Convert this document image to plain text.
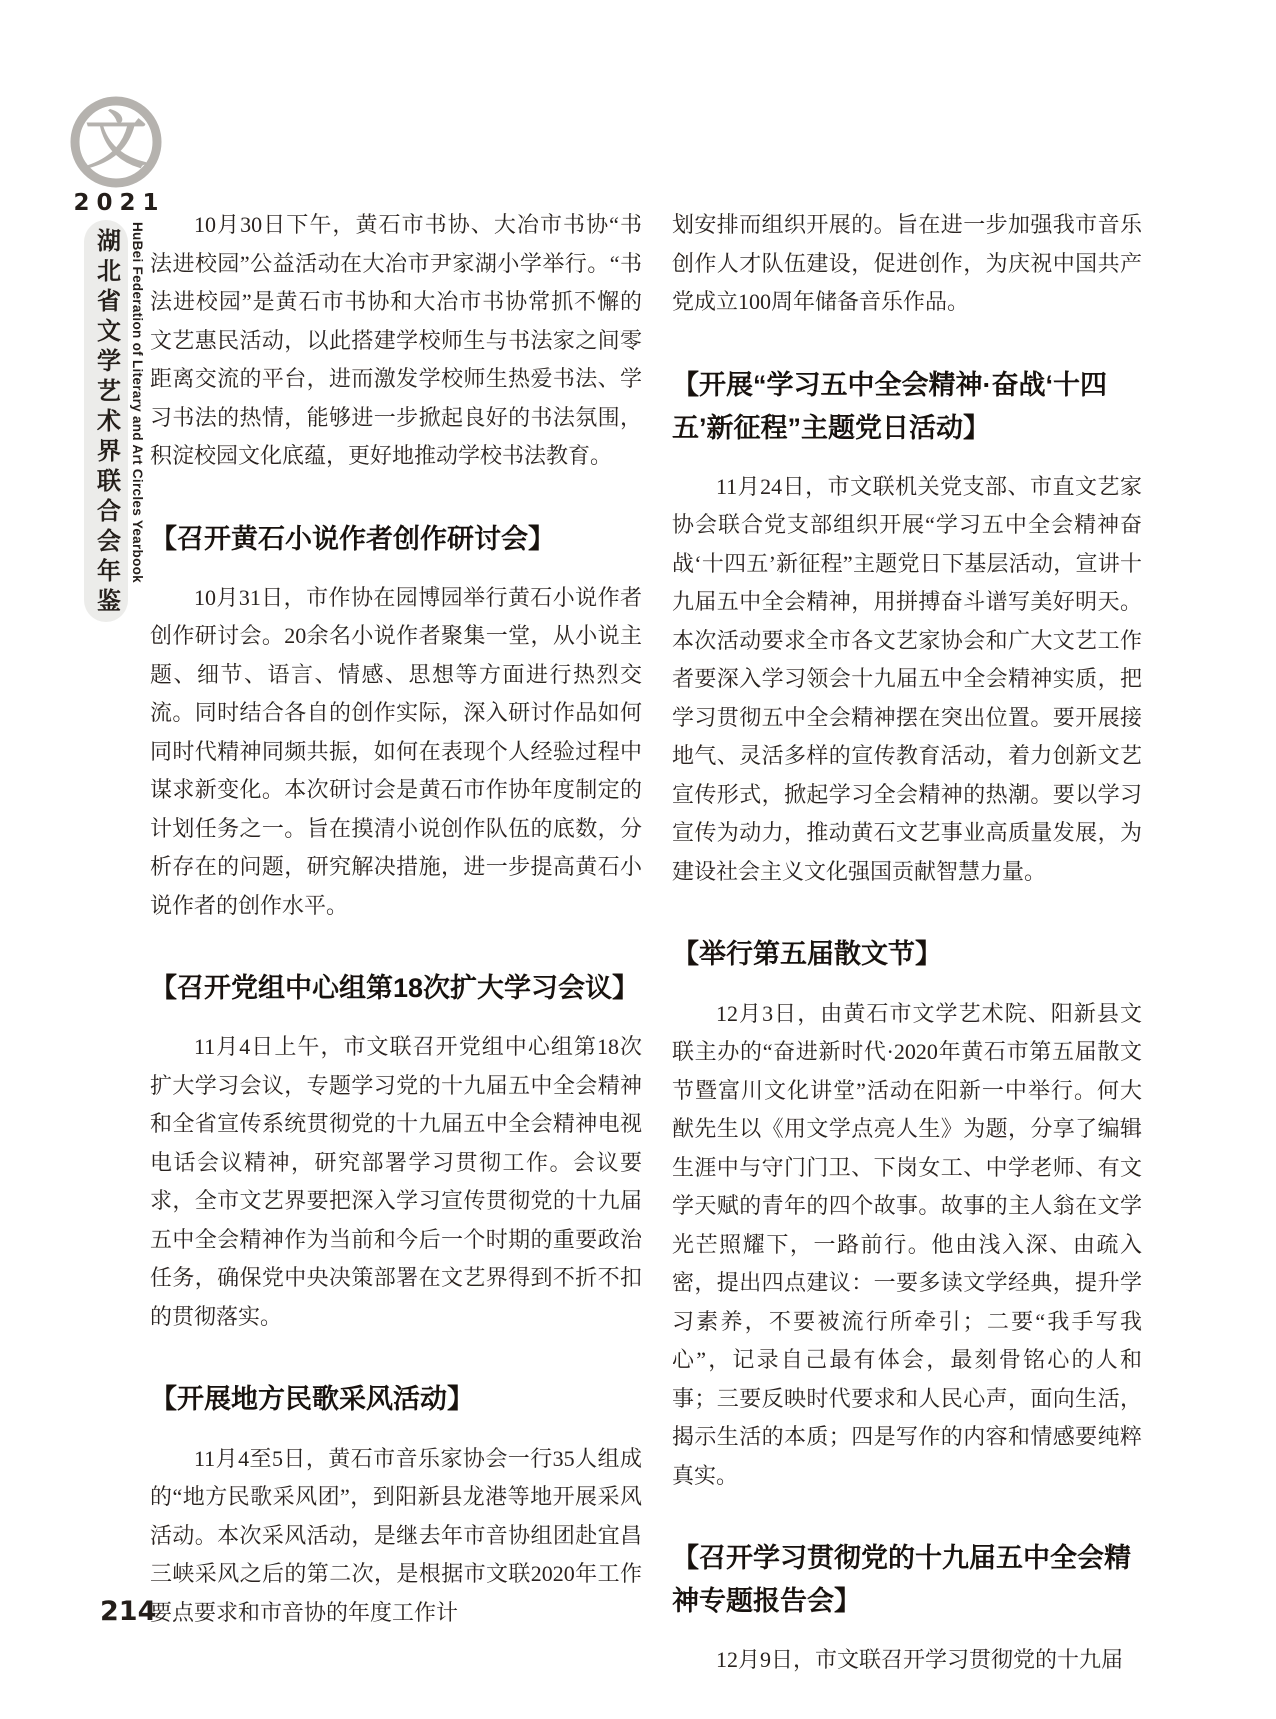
文
2021
湖北省文学艺术界联合会年鉴 HuBei Federation of Literary and Art Circles Yearbook	10月30日下午，黄石市书协、大冶市书协“书法进校园”公益活动在大冶市尹家湖小学举行。“书法进校园”是黄石市书协和大冶市书协常抓不懈的文艺惠民活动，以此搭建学校师生与书法家之间零距离交流的平台，进而激发学校师生热爱书法、学习书法的热情，能够进一步掀起良好的书法氛围，积淀校园文化底蕴，更好地推动学校书法教育。

【召开黄石小说作者创作研讨会】

10月31日，市作协在园博园举行黄石小说作者创作研讨会。20余名小说作者聚集一堂，从小说主题、细节、语言、情感、思想等方面进行热烈交流。同时结合各自的创作实际，深入研讨作品如何同时代精神同频共振，如何在表现个人经验过程中谋求新变化。本次研讨会是黄石市作协年度制定的计划任务之一。旨在摸清小说创作队伍的底数，分析存在的问题，研究解决措施，进一步提高黄石小说作者的创作水平。

【召开党组中心组第18次扩大学习会议】

11月4日上午，市文联召开党组中心组第18次扩大学习会议，专题学习党的十九届五中全会精神和全省宣传系统贯彻党的十九届五中全会精神电视电话会议精神，研究部署学习贯彻工作。会议要求，全市文艺界要把深入学习宣传贯彻党的十九届五中全会精神作为当前和今后一个时期的重要政治任务，确保党中央决策部署在文艺界得到不折不扣的贯彻落实。

【开展地方民歌采风活动】

11月4至5日，黄石市音乐家协会一行35人组成的“地方民歌采风团”，到阳新县龙港等地开展采风活动。本次采风活动，是继去年市音协组团赴宜昌三峡采风之后的第二次，是根据市文联2020年工作要点要求和市音协的年度工作计

划安排而组织开展的。旨在进一步加强我市音乐创作人才队伍建设，促进创作，为庆祝中国共产党成立100周年储备音乐作品。

【开展“学习五中全会精神·奋战‘十四五’新征程”主题党日活动】

11月24日，市文联机关党支部、市直文艺家协会联合党支部组织开展“学习五中全会精神奋战‘十四五’新征程”主题党日下基层活动，宣讲十九届五中全会精神，用拼搏奋斗谱写美好明天。本次活动要求全市各文艺家协会和广大文艺工作者要深入学习领会十九届五中全会精神实质，把学习贯彻五中全会精神摆在突出位置。要开展接地气、灵活多样的宣传教育活动，着力创新文艺宣传形式，掀起学习全会精神的热潮。要以学习宣传为动力，推动黄石文艺事业高质量发展，为建设社会主义文化强国贡献智慧力量。

【举行第五届散文节】

12月3日，由黄石市文学艺术院、阳新县文联主办的“奋进新时代·2020年黄石市第五届散文节暨富川文化讲堂”活动在阳新一中举行。何大猷先生以《用文学点亮人生》为题，分享了编辑生涯中与守门门卫、下岗女工、中学老师、有文学天赋的青年的四个故事。故事的主人翁在文学光芒照耀下，一路前行。他由浅入深、由疏入密，提出四点建议：一要多读文学经典，提升学习素养，不要被流行所牵引；二要“我手写我心”，记录自己最有体会，最刻骨铭心的人和事；三要反映时代要求和人民心声，面向生活，揭示生活的本质；四是写作的内容和情感要纯粹真实。

【召开学习贯彻党的十九届五中全会精神专题报告会】

12月9日，市文联召开学习贯彻党的十九届

214
